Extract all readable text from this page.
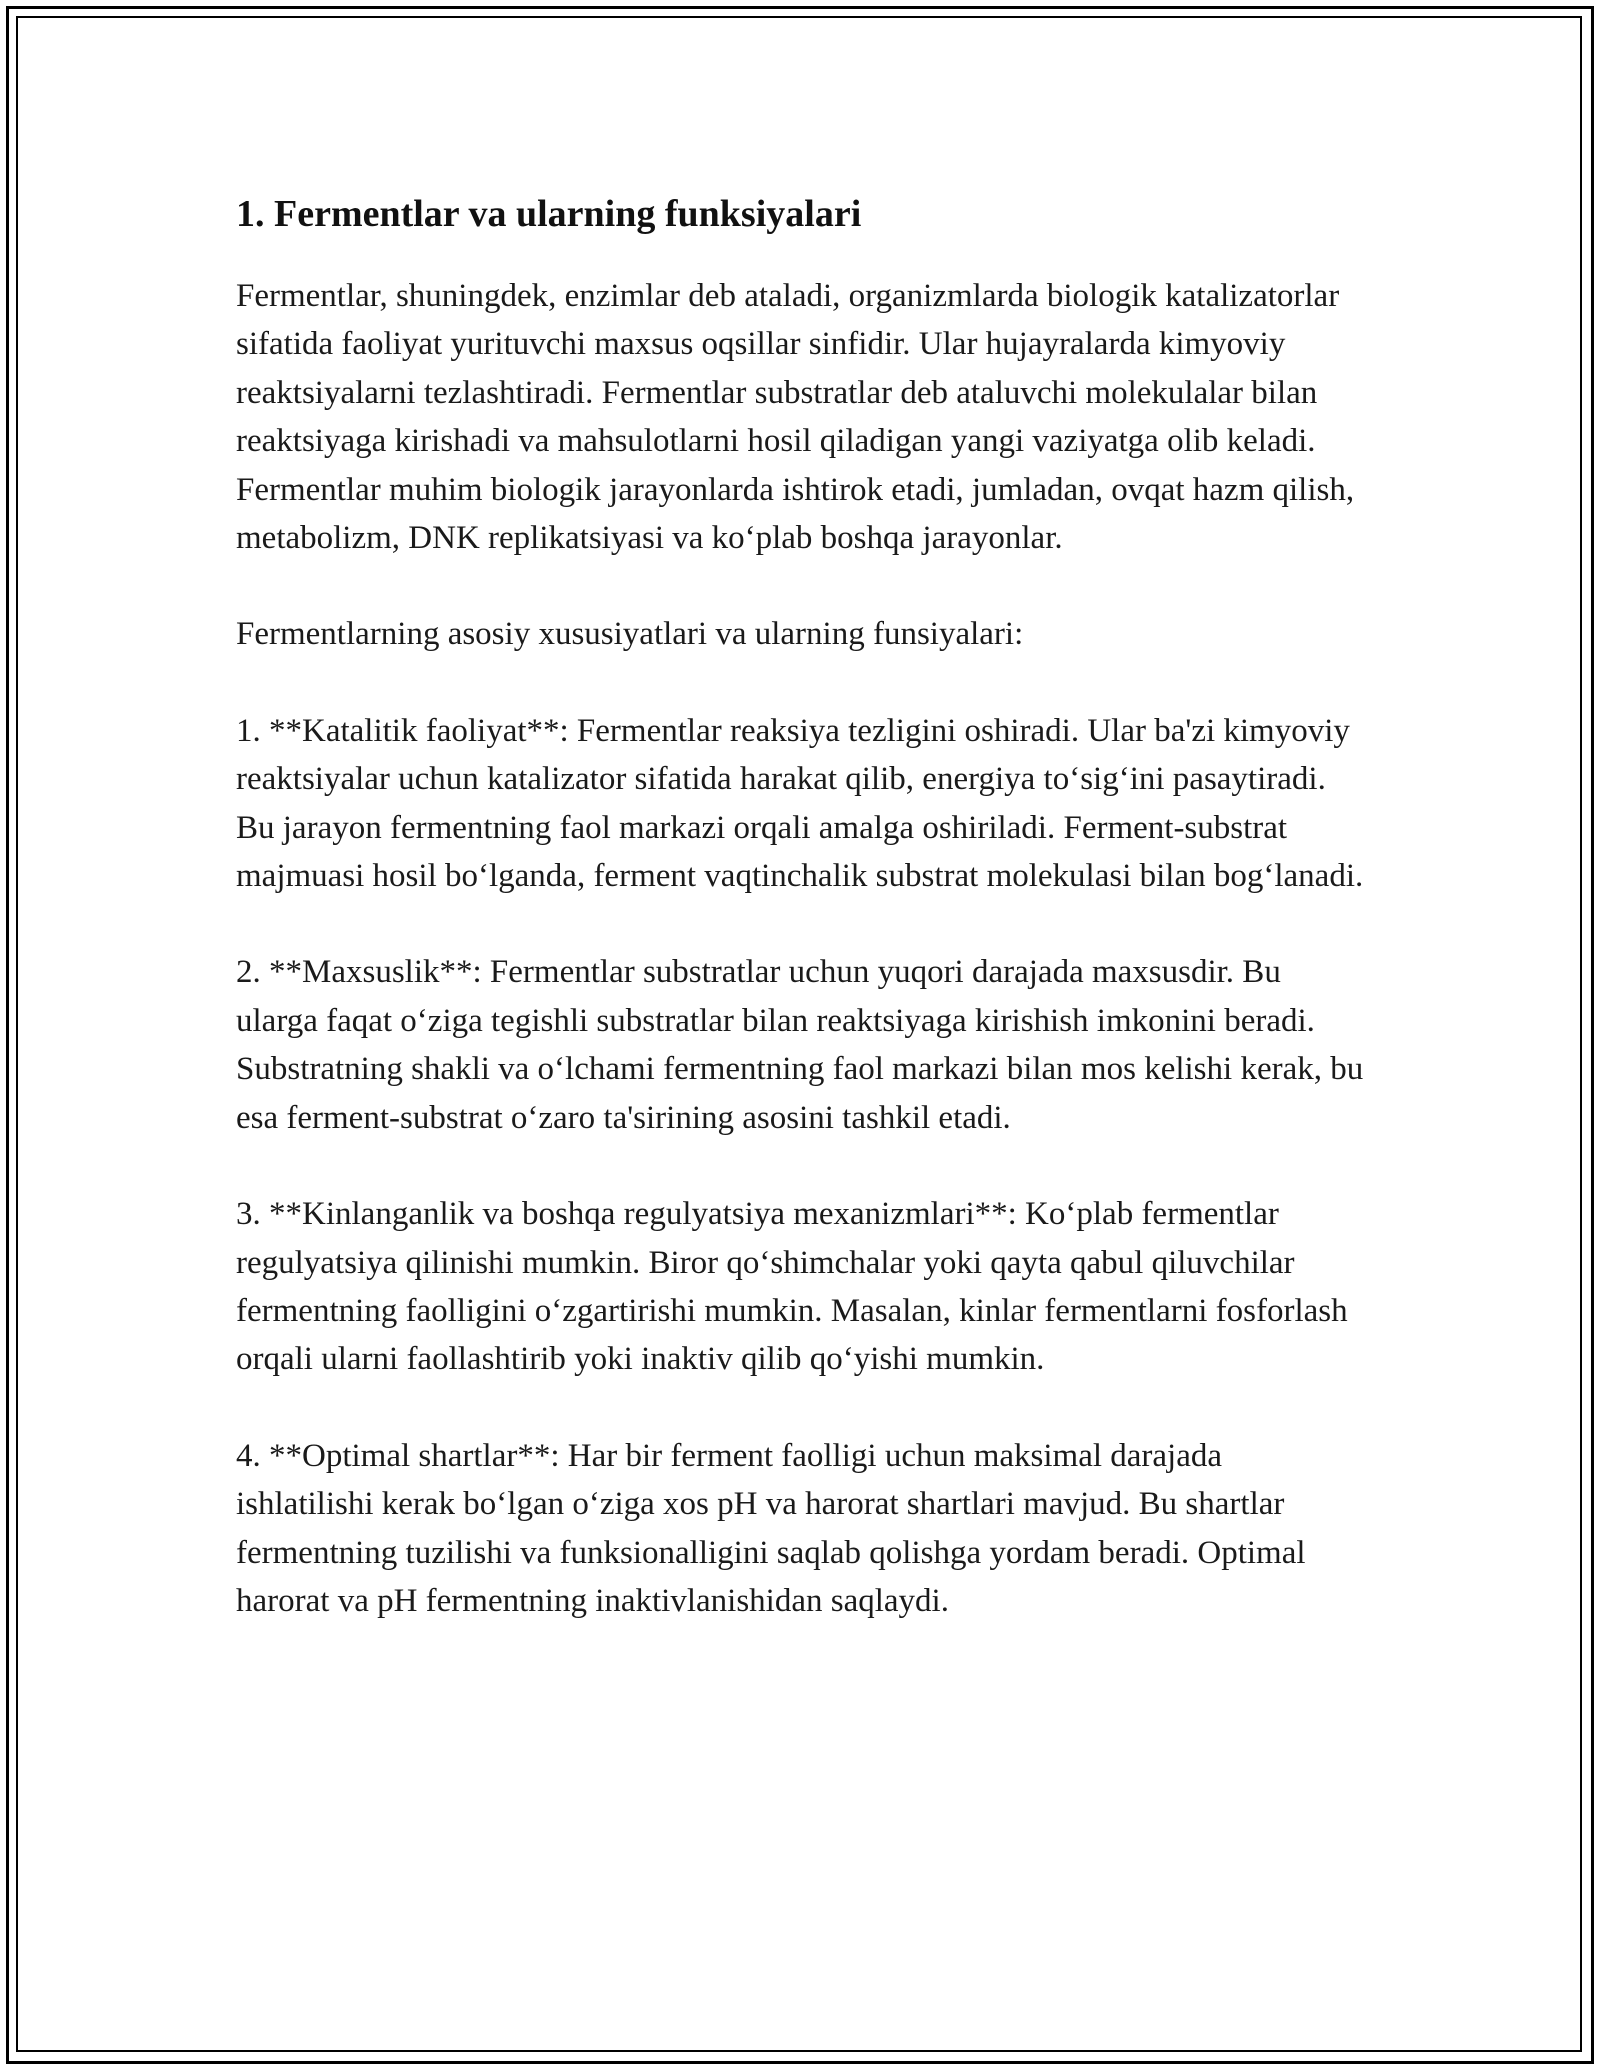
1. Fermentlar va ularning funksiyalari

Fermentlar, shuningdek, enzimlar deb ataladi, organizmlarda biologik katalizatorlar sifatida faoliyat yurituvchi maxsus oqsillar sinfidir. Ular hujayralarda kimyoviy reaktsiyalarni tezlashtiradi. Fermentlar substratlar deb ataluvchi molekulalar bilan reaktsiyaga kirishadi va mahsulotlarni hosil qiladigan yangi vaziyatga olib keladi. Fermentlar muhim biologik jarayonlarda ishtirok etadi, jumladan, ovqat hazm qilish, metabolizm, DNK replikatsiyasi va ko‘plab boshqa jarayonlar.

Fermentlarning asosiy xususiyatlari va ularning funsiyalari:

1. **Katalitik faoliyat**: Fermentlar reaksiya tezligini oshiradi. Ular ba'zi kimyoviy reaktsiyalar uchun katalizator sifatida harakat qilib, energiya to‘sig‘ini pasaytiradi. Bu jarayon fermentning faol markazi orqali amalga oshiriladi. Ferment-substrat majmuasi hosil bo‘lganda, ferment vaqtinchalik substrat molekulasi bilan bog‘lanadi.

2. **Maxsuslik**: Fermentlar substratlar uchun yuqori darajada maxsusdir. Bu ularga faqat o‘ziga tegishli substratlar bilan reaktsiyaga kirishish imkonini beradi. Substratning shakli va o‘lchami fermentning faol markazi bilan mos kelishi kerak, bu esa ferment-substrat o‘zaro ta'sirining asosini tashkil etadi.

3. **Kinlanganlik va boshqa regulyatsiya mexanizmlari**: Ko‘plab fermentlar regulyatsiya qilinishi mumkin. Biror qo‘shimchalar yoki qayta qabul qiluvchilar fermentning faolligini o‘zgartirishi mumkin. Masalan, kinlar fermentlarni fosforlash orqali ularni faollashtirib yoki inaktiv qilib qo‘yishi mumkin.

4. **Optimal shartlar**: Har bir ferment faolligi uchun maksimal darajada ishlatilishi kerak bo‘lgan o‘ziga xos pH va harorat shartlari mavjud. Bu shartlar fermentning tuzilishi va funksionalligini saqlab qolishga yordam beradi. Optimal harorat va pH fermentning inaktivlanishidan saqlaydi.
